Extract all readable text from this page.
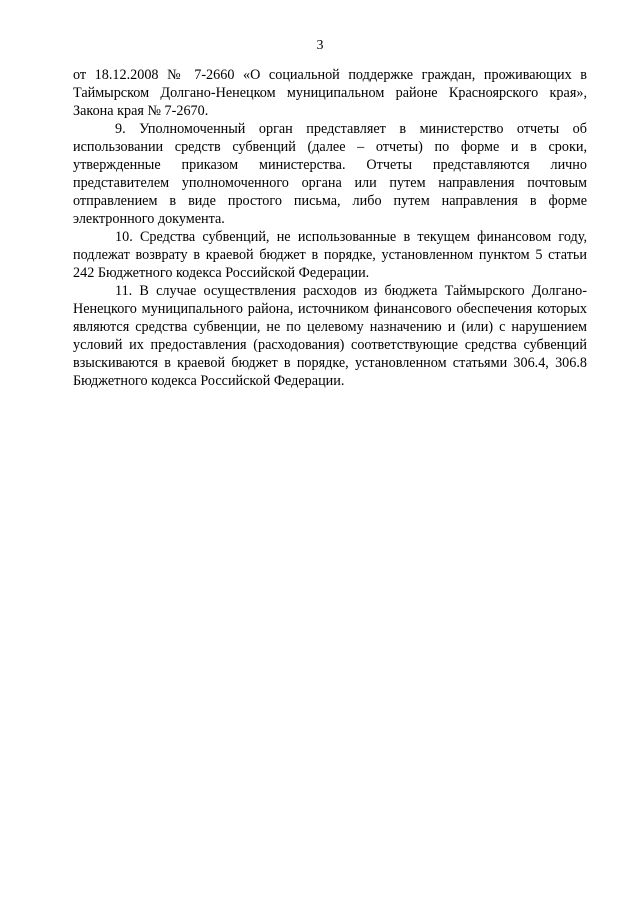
3

от 18.12.2008 № 7-2660 «О социальной поддержке граждан, проживающих в Таймырском Долгано-Ненецком муниципальном районе Красноярского края», Закона края № 7-2670.

9. Уполномоченный орган представляет в министерство отчеты об использовании средств субвенций (далее – отчеты) по форме и в сроки, утвержденные приказом министерства. Отчеты представляются лично представителем уполномоченного органа или путем направления почтовым отправлением в виде простого письма, либо путем направления в форме электронного документа.

10. Средства субвенций, не использованные в текущем финансовом году, подлежат возврату в краевой бюджет в порядке, установленном пунктом 5 статьи 242 Бюджетного кодекса Российской Федерации.

11. В случае осуществления расходов из бюджета Таймырского Долгано-Ненецкого муниципального района, источником финансового обеспечения которых являются средства субвенции, не по целевому назначению и (или) с нарушением условий их предоставления (расходования) соответствующие средства субвенций взыскиваются в краевой бюджет в порядке, установленном статьями 306.4, 306.8 Бюджетного кодекса Российской Федерации.
